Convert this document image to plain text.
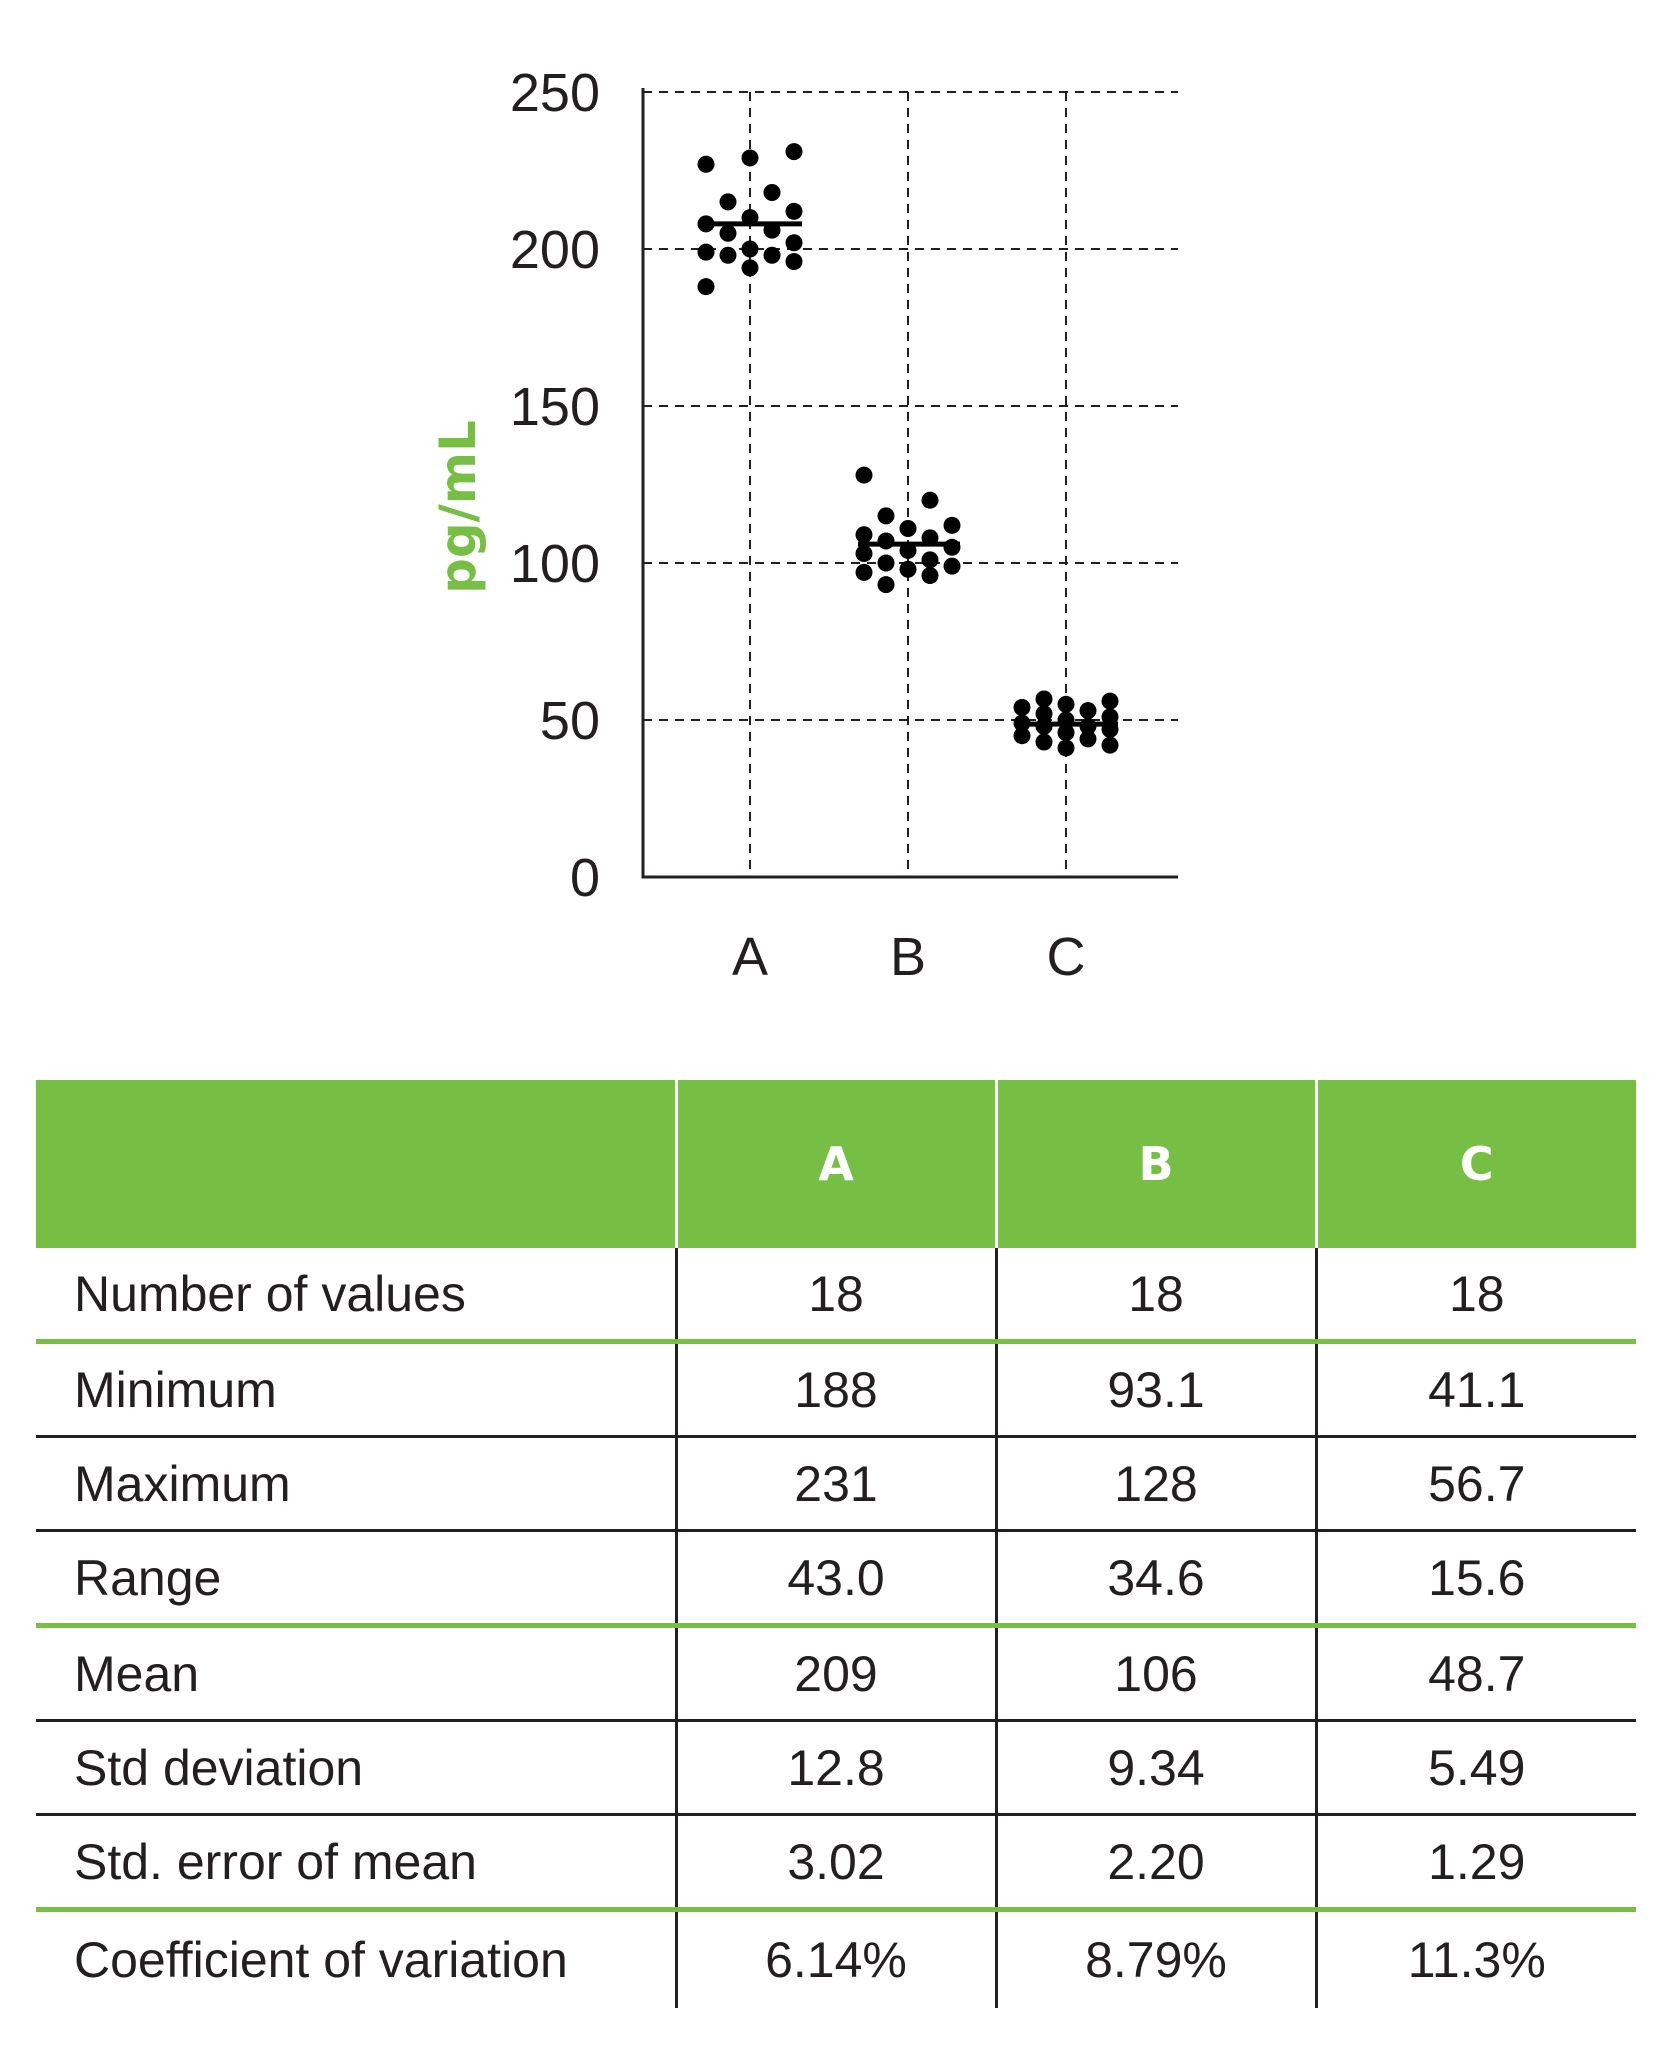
0
50
100
150
200
250
A B C
pg/mL
	A	B	C
Number of values	18	18	18
Minimum	188	93.1	41.1
Maximum	231	128	56.7
Range	43.0	34.6	15.6
Mean	209	106	48.7
Std deviation	12.8	9.34	5.49
Std. error of mean	3.02	2.20	1.29
Coefficient of variation	6.14%	8.79%	11.3%
